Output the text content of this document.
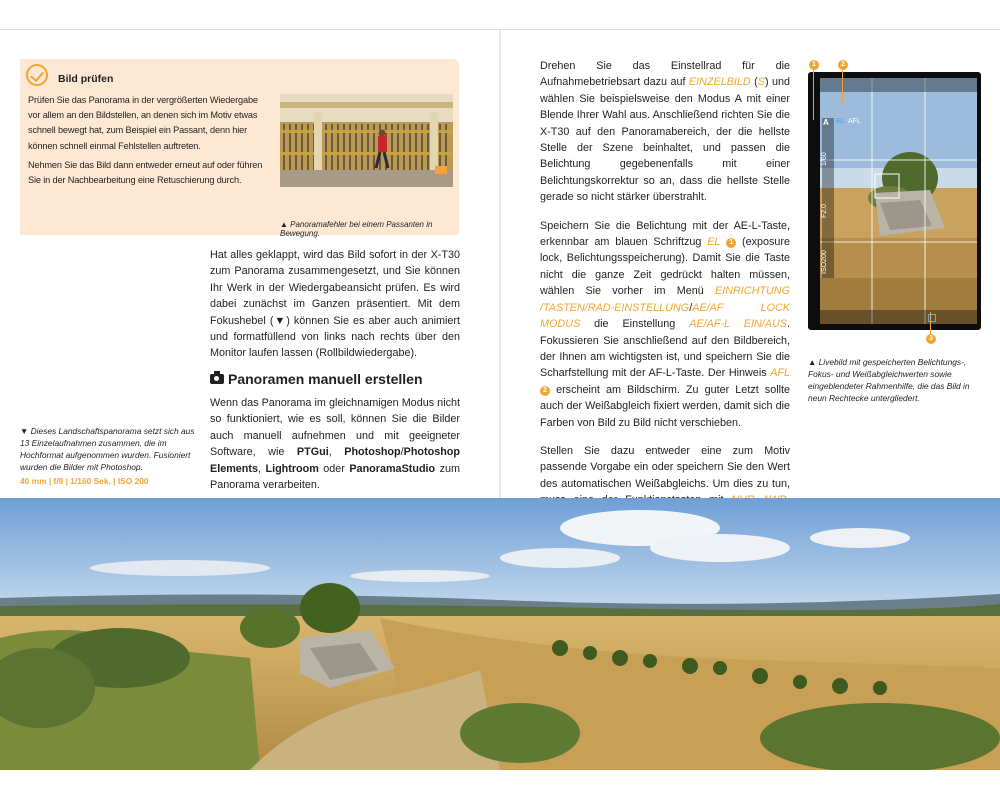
Bild prüfen

Prüfen Sie das Panorama in der vergrößerten Wiedergabe vor allem an den Bildstellen, an denen sich im Motiv etwas schnell bewegt hat, zum Beispiel ein Passant, denn hier können schnell einmal Fehlstellen auftreten.

Nehmen Sie das Bild dann entweder erneut auf oder führen Sie in der Nachbearbeitung eine Retuschierung durch.

▲ Panoramafehler bei einem Passanten in Bewegung.
Hat alles geklappt, wird das Bild sofort in der X-T30 zum Panorama zusammengesetzt, und Sie können Ihr Werk in der Wiedergabeansicht prüfen. Es wird dabei zunächst im Ganzen präsentiert. Mit dem Fokushebel (▼) können Sie es aber auch animiert und formatfüllend von links nach rechts über den Monitor laufen lassen (Rollbildwiedergabe).
Panoramen manuell erstellen
Wenn das Panorama im gleichnamigen Modus nicht so funktioniert, wie es soll, können Sie die Bilder auch manuell aufnehmen und mit geeigneter Software, wie PTGui, Photoshop/Photoshop Elements, Lightroom oder PanoramaStudio zum Panorama verarbeiten.
▼ Dieses Landschaftspanorama setzt sich aus 13 Einzelaufnahmen zusammen, die im Hochformat aufgenommen wurden. Fusioniert wurden die Bilder mit Photoshop.
40 mm | f/9 | 1/160 Sek. | ISO 200

Drehen Sie das Einstellrad für die Aufnahmebetriebsart dazu auf EINZELBILD (S) und wählen Sie beispielsweise den Modus A mit einer Blende Ihrer Wahl aus. Anschließend richten Sie die X-T30 auf den Panoramabereich, der die hellste Stelle der Szene beinhaltet, und passen die Belichtung gegebenenfalls mit einer Belichtungskorrektur so an, dass die hellste Stelle gerade so nicht stärker überstrahlt.

Speichern Sie die Belichtung mit der AE-L-Taste, erkennbar am blauen Schriftzug EL 1 (exposure lock, Belichtungsspeicherung). Damit Sie die Taste nicht die ganze Zeit gedrückt halten müssen, wählen Sie vorher im Menü EINRICHTUNG /TASTEN/RAD-EINSTELLUNG/AE/AF LOCK MODUS die Einstellung AE/AF-L EIN/AUS. Fokussieren Sie anschließend auf den Bildbereich, der Ihnen am wichtigsten ist, und speichern Sie die Scharfstellung mit der AF-L-Taste. Der Hinweis AFL 2 erscheint am Bildschirm. Zu guter Letzt sollte auch der Weißabgleich fixiert werden, damit sich die Farben von Bild zu Bild nicht verschieben.

Stellen Sie dazu entweder eine zum Motiv passende Vorgabe ein oder speichern Sie den Wert des automatischen Weißabgleichs. Um dies zu tun,

A
1/60
F2.0
ISO200
EL AFL
1	2
3
▲ Livebild mit gespeicherten Belichtungs-, Fokus- und Weißabgleichwerten sowie eingeblendeter Rahmenhilfe, die das Bild in neun Rechtecke untergliedert.
